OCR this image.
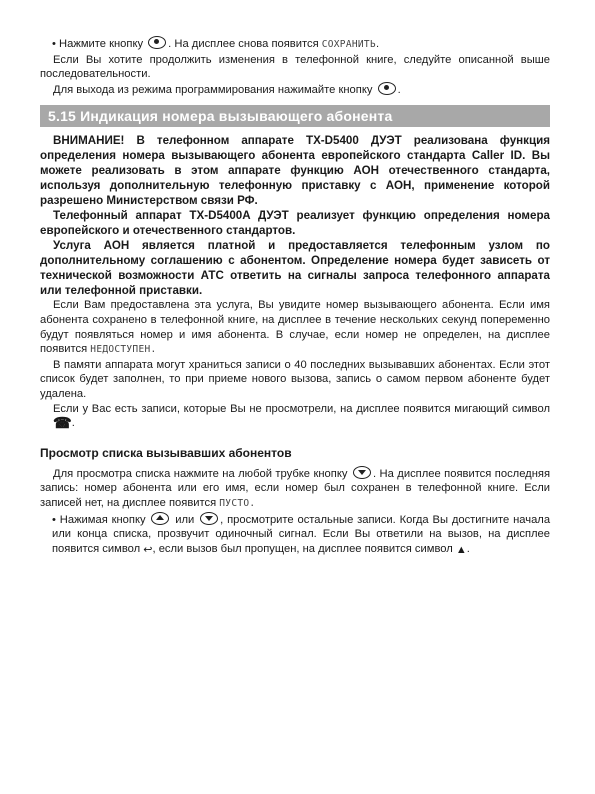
• Нажмите кнопку . На дисплее снова появится СОХРАНИТЬ.

Если Вы хотите продолжить изменения в телефонной книге, следуйте описанной выше последовательности.

Для выхода из режима программирования нажимайте кнопку .

5.15 Индикация номера вызывающего абонента

ВНИМАНИЕ! В телефонном аппарате TX-D5400 ДУЭТ реализована функция определения номера вызывающего абонента европейского стандарта Caller ID. Вы можете реализовать в этом аппарате функцию АОН отечественного стандарта, используя дополнительную телефонную приставку с АОН, применение которой разрешено Министерством связи РФ.

Телефонный аппарат TX-D5400A ДУЭТ реализует функцию определения номера европейского и отечественного стандартов.

Услуга АОН является платной и предоставляется телефонным узлом по дополнительному соглашению с абонентом. Определение номера будет зависеть от технической возможности АТС ответить на сигналы запроса телефонного аппарата или телефонной приставки.

Если Вам предоставлена эта услуга, Вы увидите номер вызывающего абонента. Если имя абонента сохранено в телефонной книге, на дисплее в течение нескольких секунд попеременно будут появляться номер и имя абонента. В случае, если номер не определен, на дисплее появится НЕДОСТУПЕН.

В памяти аппарата могут храниться записи о 40 последних вызывавших абонентах. Если этот список будет заполнен, то при приеме нового вызова, запись о самом первом абоненте будет удалена.

Если у Вас есть записи, которые Вы не просмотрели, на дисплее появится мигающий символ ☎.

Просмотр списка вызывавших абонентов

Для просмотра списка нажмите на любой трубке кнопку . На дисплее появится последняя запись: номер абонента или его имя, если номер был сохранен в телефонной книге. Если записей нет, на дисплее появится ПУСТО.

• Нажимая кнопку	или , просмотрите остальные записи. Когда Вы достигните начала или конца списка, прозвучит одиночный сигнал. Если Вы ответили на вызов, на дисплее появится символ ↩, если вызов был пропущен, на дисплее появится символ ▲.
